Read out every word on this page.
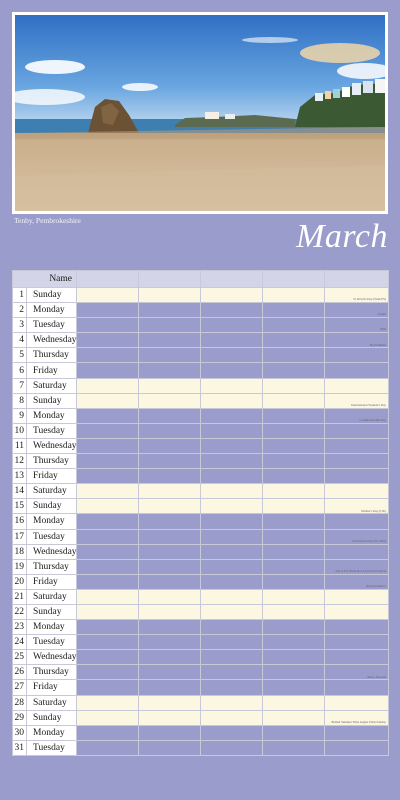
Tenby, Pembrokeshire	March
Name						
1	Sunday					St David's Day (WALES)
2	Monday					Purim
3	Tuesday					Holi
4	Wednesday					Holi Sulhafa
5	Thursday					
6	Friday					
7	Saturday					
8	Sunday					International Women's Day
9	Monday					Commonwealth Day
10	Tuesday					
11	Wednesday					
12	Thursday					
13	Friday					
14	Saturday					
15	Sunday					Mother's Day (UK)
16	Monday					
17	Tuesday					St Patrick's Day (NI, ROI)
18	Wednesday					
19	Thursday					Eid al-Fitr Bank Hol Alt Dates Possible
20	Friday					Spring Equinox
21	Saturday					
22	Sunday					
23	Monday					
24	Tuesday					
25	Wednesday					
26	Thursday					Mawr Nowruz
27	Friday					
28	Saturday					
29	Sunday					British Summer Time begins Palm Sunday
30	Monday					
31	Tuesday					
